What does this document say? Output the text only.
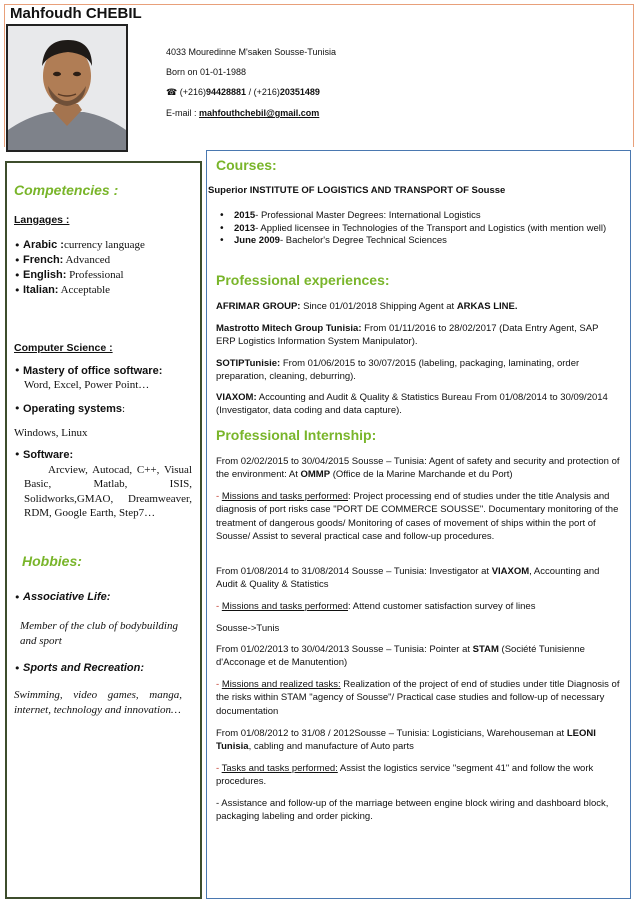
Mahfoudh CHEBIL
4033 Mouredinne M'saken Sousse-Tunisia
Born on 01-01-1988
☎ (+216)94428881 / (+216)20351489
E-mail : mahfouthchebil@gmail.com
Competencies :
Langages :
• Arabic :currency language
• French: Advanced
• English: Professional
• Italian: Acceptable
Computer Science :
• Mastery of office software:
Word, Excel, Power Point…
• Operating systems:
Windows, Linux
• Software:
Arcview, Autocad, C++, Visual Basic, Matlab, ISIS, Solidworks,GMAO, Dreamweaver, RDM, Google Earth, Step7…
Hobbies:
• Associative Life:
Member of the club of bodybuilding and sport
• Sports and Recreation:
Swimming, video games, manga, internet, technology and innovation…
Courses:
Superior INSTITUTE OF LOGISTICS AND TRANSPORT OF Sousse
• 2015- Professional Master Degrees: International Logistics
• 2013- Applied licensee in Technologies of the Transport and Logistics (with mention well)
• June 2009- Bachelor's Degree Technical Sciences
Professional experiences:
AFRIMAR GROUP: Since 01/01/2018 Shipping Agent at ARKAS LINE.
Mastrotto Mitech Group Tunisia: From 01/11/2016 to 28/02/2017 (Data Entry Agent, SAP ERP Logistics Information System Manipulator).
SOTIPTunisie: From 01/06/2015 to 30/07/2015 (labeling, packaging, laminating, order preparation, cleaning, deburring).
VIAXOM: Accounting and Audit & Quality & Statistics Bureau From 01/08/2014 to 30/09/2014 (Investigator, data coding and data capture).
Professional Internship:
From 02/02/2015 to 30/04/2015 Sousse – Tunisia: Agent of safety and security and protection of the environment: At OMMP (Office de la Marine Marchande et du Port)
- Missions and tasks performed: Project processing end of studies under the title Analysis and diagnosis of port risks case "PORT DE COMMERCE SOUSSE". Documentary monitoring of the treatment of dangerous goods/ Monitoring of cases of movement of ships within the port of Sousse/ Assist to several practical case and follow-up procedures.
From 01/08/2014 to 31/08/2014 Sousse – Tunisia: Investigator at VIAXOM, Accounting and Audit & Quality & Statistics
- Missions and tasks performed: Attend customer satisfaction survey of lines
Sousse->Tunis
From 01/02/2013 to 30/04/2013 Sousse – Tunisia: Pointer at STAM (Société Tunisienne d'Acconage et de Manutention)
- Missions and realized tasks: Realization of the project of end of studies under title Diagnosis of the risks within STAM "agency of Sousse"/ Practical case studies and follow-up of necessary documentation
From 01/08/2012 to 31/08 / 2012Sousse – Tunisia: Logisticians, Warehouseman at LEONI Tunisia, cabling and manufacture of Auto parts
- Tasks and tasks performed: Assist the logistics service "segment 41" and follow the work procedures.
- Assistance and follow-up of the marriage between engine block wiring and dashboard block, packaging labeling and order picking.
